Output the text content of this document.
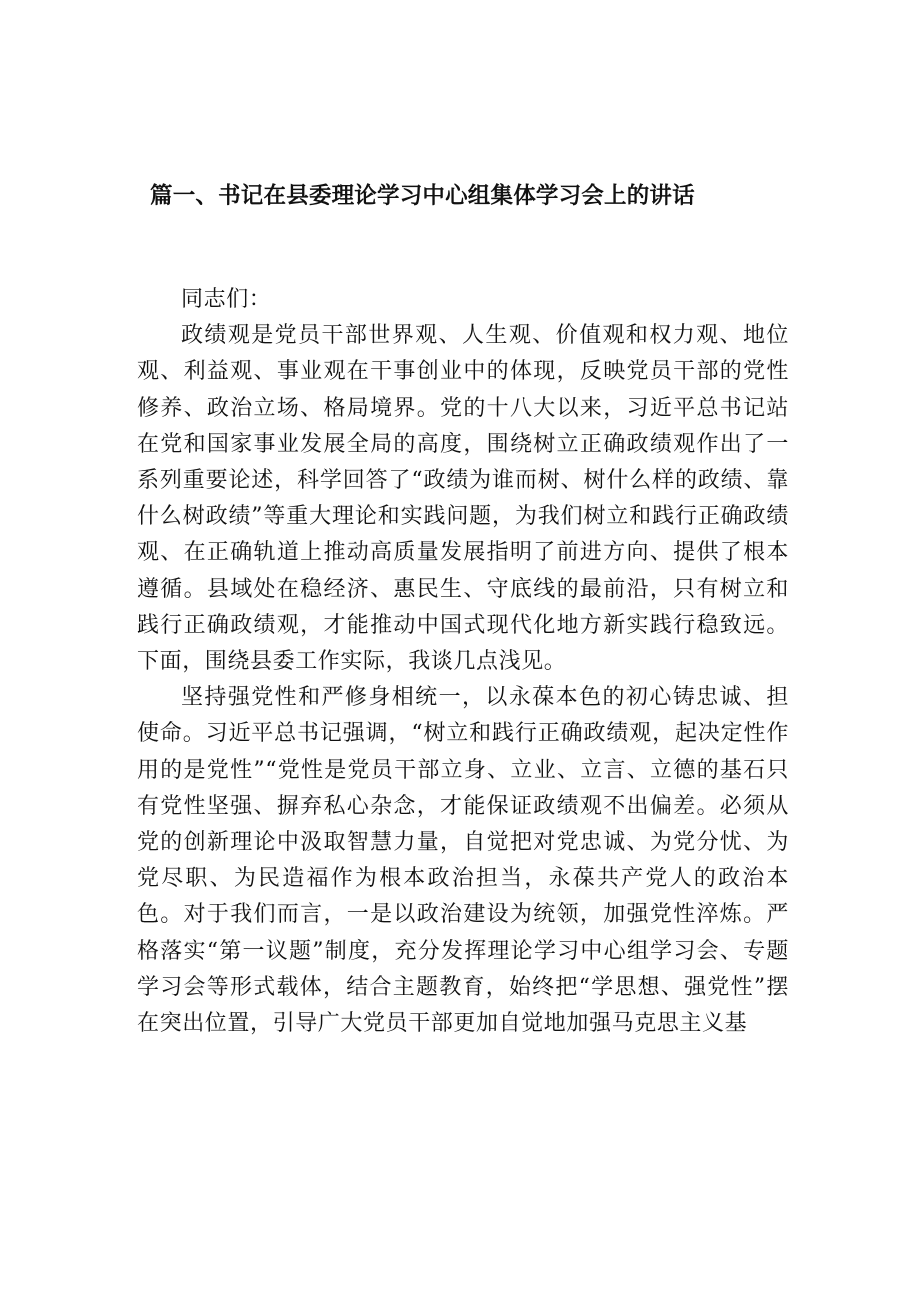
篇一、书记在县委理论学习中心组集体学习会上的讲话

同志们：

政绩观是党员干部世界观、人生观、价值观和权力观、地位观、利益观、事业观在干事创业中的体现，反映党员干部的党性修养、政治立场、格局境界。党的十八大以来，习近平总书记站在党和国家事业发展全局的高度，围绕树立正确政绩观作出了一系列重要论述，科学回答了“政绩为谁而树、树什么样的政绩、靠什么树政绩”等重大理论和实践问题，为我们树立和践行正确政绩观、在正确轨道上推动高质量发展指明了前进方向、提供了根本遵循。县域处在稳经济、惠民生、守底线的最前沿，只有树立和践行正确政绩观，才能推动中国式现代化地方新实践行稳致远。下面，围绕县委工作实际，我谈几点浅见。

坚持强党性和严修身相统一，以永葆本色的初心铸忠诚、担使命。习近平总书记强调，“树立和践行正确政绩观，起决定性作用的是党性”“党性是党员干部立身、立业、立言、立德的基石只有党性坚强、摒弃私心杂念，才能保证政绩观不出偏差。必须从党的创新理论中汲取智慧力量，自觉把对党忠诚、为党分忧、为党尽职、为民造福作为根本政治担当，永葆共产党人的政治本色。对于我们而言，一是以政治建设为统领，加强党性淬炼。严格落实“第一议题”制度，充分发挥理论学习中心组学习会、专题学习会等形式载体，结合主题教育，始终把“学思想、强党性”摆在突出位置，引导广大党员干部更加自觉地加强马克思主义基
